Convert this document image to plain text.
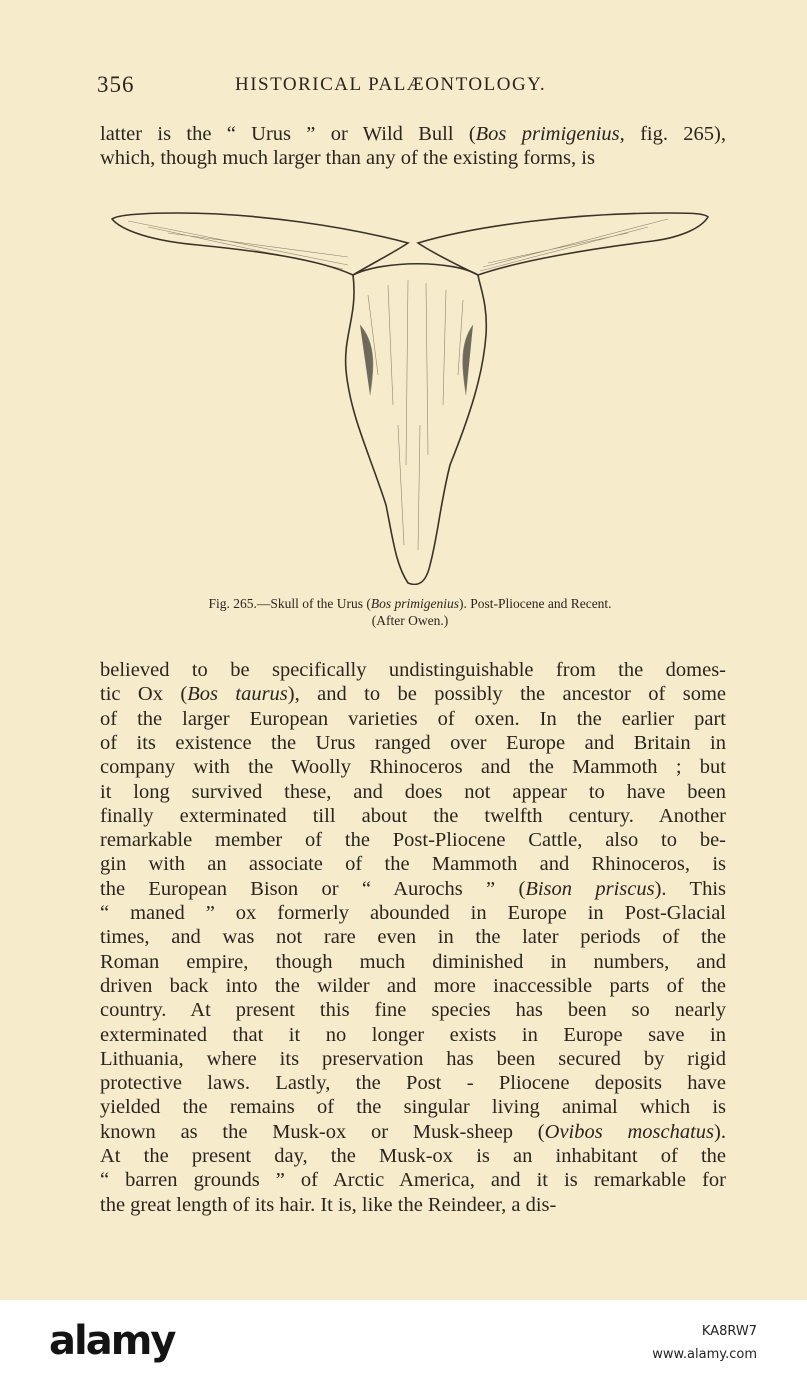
356	HISTORICAL PALÆONTOLOGY.
latter is the “ Urus ” or Wild Bull (Bos primigenius, fig. 265),
which, though much larger than any of the existing forms, is
Fig. 265.—Skull of the Urus (Bos primigenius). Post-Pliocene and Recent.
(After Owen.)
believed to be specifically undistinguishable from the domes-
tic Ox (Bos taurus), and to be possibly the ancestor of some
of the larger European varieties of oxen. In the earlier part
of its existence the Urus ranged over Europe and Britain in
company with the Woolly Rhinoceros and the Mammoth ; but
it long survived these, and does not appear to have been
finally exterminated till about the twelfth century. Another
remarkable member of the Post-Pliocene Cattle, also to be-
gin with an associate of the Mammoth and Rhinoceros, is
the European Bison or “ Aurochs ” (Bison priscus). This
“ maned ” ox formerly abounded in Europe in Post-Glacial
times, and was not rare even in the later periods of the
Roman empire, though much diminished in numbers, and
driven back into the wilder and more inaccessible parts of the
country. At present this fine species has been so nearly
exterminated that it no longer exists in Europe save in
Lithuania, where its preservation has been secured by rigid
protective laws. Lastly, the Post - Pliocene deposits have
yielded the remains of the singular living animal which is
known as the Musk-ox or Musk-sheep (Ovibos moschatus).
At the present day, the Musk-ox is an inhabitant of the
“ barren grounds ” of Arctic America, and it is remarkable for
the great length of its hair. It is, like the Reindeer, a dis-
alamy	KA8RW7
www.alamy.com
